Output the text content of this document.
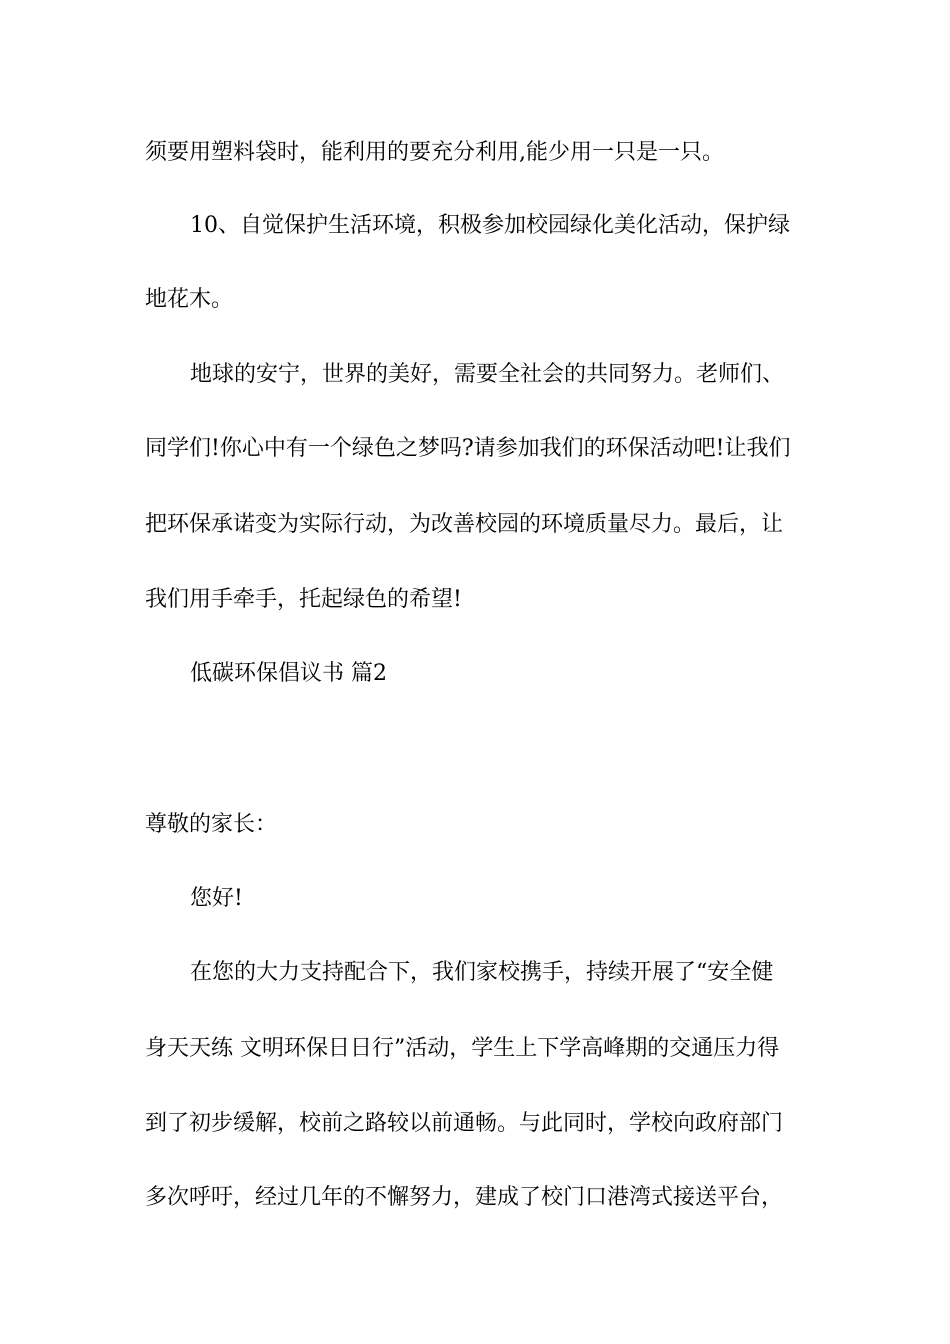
须要用塑料袋时，能利用的要充分利用,能少用一只是一只。
10、自觉保护生活环境，积极参加校园绿化美化活动，保护绿
地花木。
地球的安宁，世界的美好，需要全社会的共同努力。老师们、
同学们!你心中有一个绿色之梦吗?请参加我们的环保活动吧!让我们
把环保承诺变为实际行动，为改善校园的环境质量尽力。最后，让
我们用手牵手，托起绿色的希望!
低碳环保倡议书 篇2
尊敬的家长：
您好!
在您的大力支持配合下，我们家校携手，持续开展了“安全健
身天天练 文明环保日日行”活动，学生上下学高峰期的交通压力得
到了初步缓解，校前之路较以前通畅。与此同时，学校向政府部门
多次呼吁，经过几年的不懈努力，建成了校门口港湾式接送平台，
